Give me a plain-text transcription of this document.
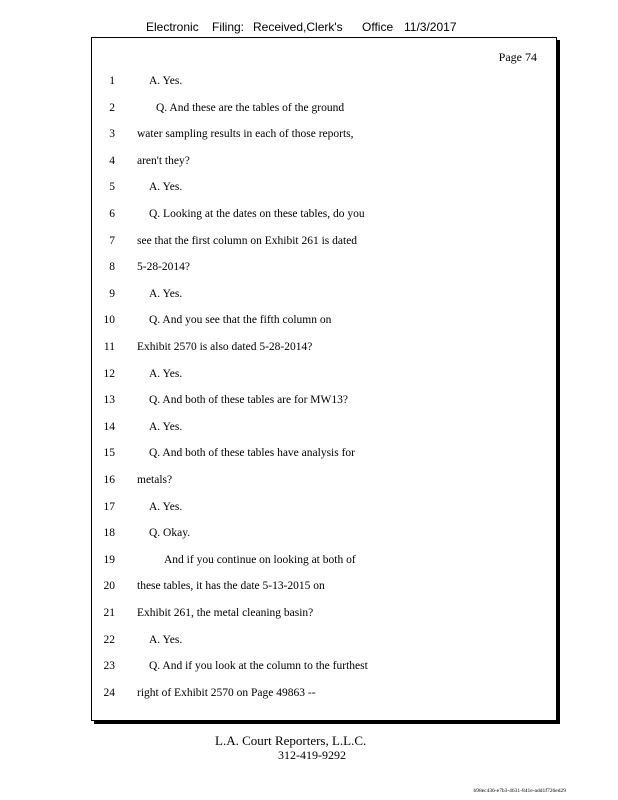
Electronic Filing: Received,Clerk's Office 11/3/2017
Page 74
1	A. Yes.
2	Q. And these are the tables of the ground
3 water sampling results in each of those reports,
4 aren't they?
5	A. Yes.
6	Q. Looking at the dates on these tables, do you
7 see that the first column on Exhibit 261 is dated
8 5-28-2014?
9	A. Yes.
10	Q. And you see that the fifth column on
11 Exhibit 2570 is also dated 5-28-2014?
12	A. Yes.
13	Q. And both of these tables are for MW13?
14	A. Yes.
15	Q. And both of these tables have analysis for
16 metals?
17	A. Yes.
18	Q. Okay.
19	And if you continue on looking at both of
20 these tables, it has the date 5-13-2015 on
21 Exhibit 261, the metal cleaning basin?
22	A. Yes.
23	Q. And if you look at the column to the furthest
24 right of Exhibit 2570 on Page 49863 --
L.A. Court Reporters, L.L.C.
312-419-9292
b98ec436-e7b3-4631-841e-add1f726ed29
